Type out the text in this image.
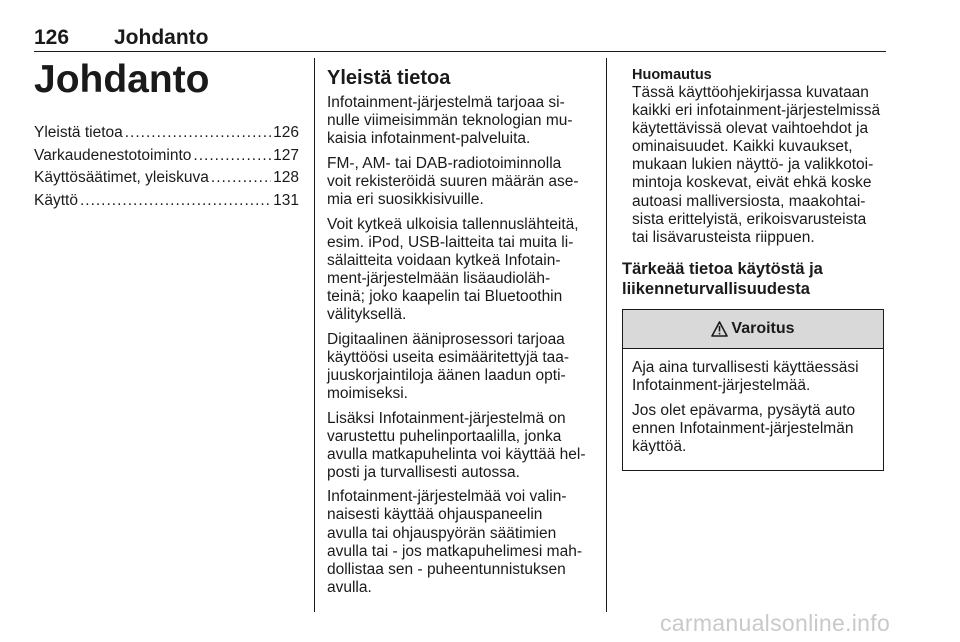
126 Johdanto
Johdanto
Yleistä tietoa .....	126
Varkaudenestotoiminto .....	127
Käyttösäätimet, yleiskuva .....	128
Käyttö .....	131
Yleistä tietoa

Infotainment-järjestelmä tarjoaa si-
nulle viimeisimmän teknologian mu-
kaisia infotainment-palveluita.

FM-, AM- tai DAB-radiotoiminnolla
voit rekisteröidä suuren määrän ase-
mia eri suosikkisivuille.

Voit kytkeä ulkoisia tallennuslähteitä,
esim. iPod, USB-laitteita tai muita li-
sälaitteita voidaan kytkeä Infotain-
ment-järjestelmään lisäaudioläh-
teinä; joko kaapelin tai Bluetoothin
välityksellä.

Digitaalinen ääniprosessori tarjoaa
käyttöösi useita esimääritettyjä taa-
juuskorjaintiloja äänen laadun opti-
moimiseksi.

Lisäksi Infotainment-järjestelmä on
varustettu puhelinportaalilla, jonka
avulla matkapuhelinta voi käyttää hel-
posti ja turvallisesti autossa.

Infotainment-järjestelmää voi valin-
naisesti käyttää ohjauspaneelin
avulla tai ohjauspyörän säätimien
avulla tai - jos matkapuhelimesi mah-
dollistaa sen - puheentunnistuksen
avulla.

Huomautus
Tässä käyttöohjekirjassa kuvataan
kaikki eri infotainment-järjestelmissä
käytettävissä olevat vaihtoehdot ja
ominaisuudet. Kaikki kuvaukset,
mukaan lukien näyttö- ja valikkotoi-
mintoja koskevat, eivät ehkä koske
autoasi malliversiosta, maakohtai-
sista erittelyistä, erikoisvarusteista
tai lisävarusteista riippuen.
Tärkeää tietoa käytöstä ja
liikenneturvallisuudesta
Varoitus

Aja aina turvallisesti käyttäessäsi
Infotainment-järjestelmää.

Jos olet epävarma, pysäytä auto
ennen Infotainment-järjestelmän
käyttöä.

carmanualsonline.info
